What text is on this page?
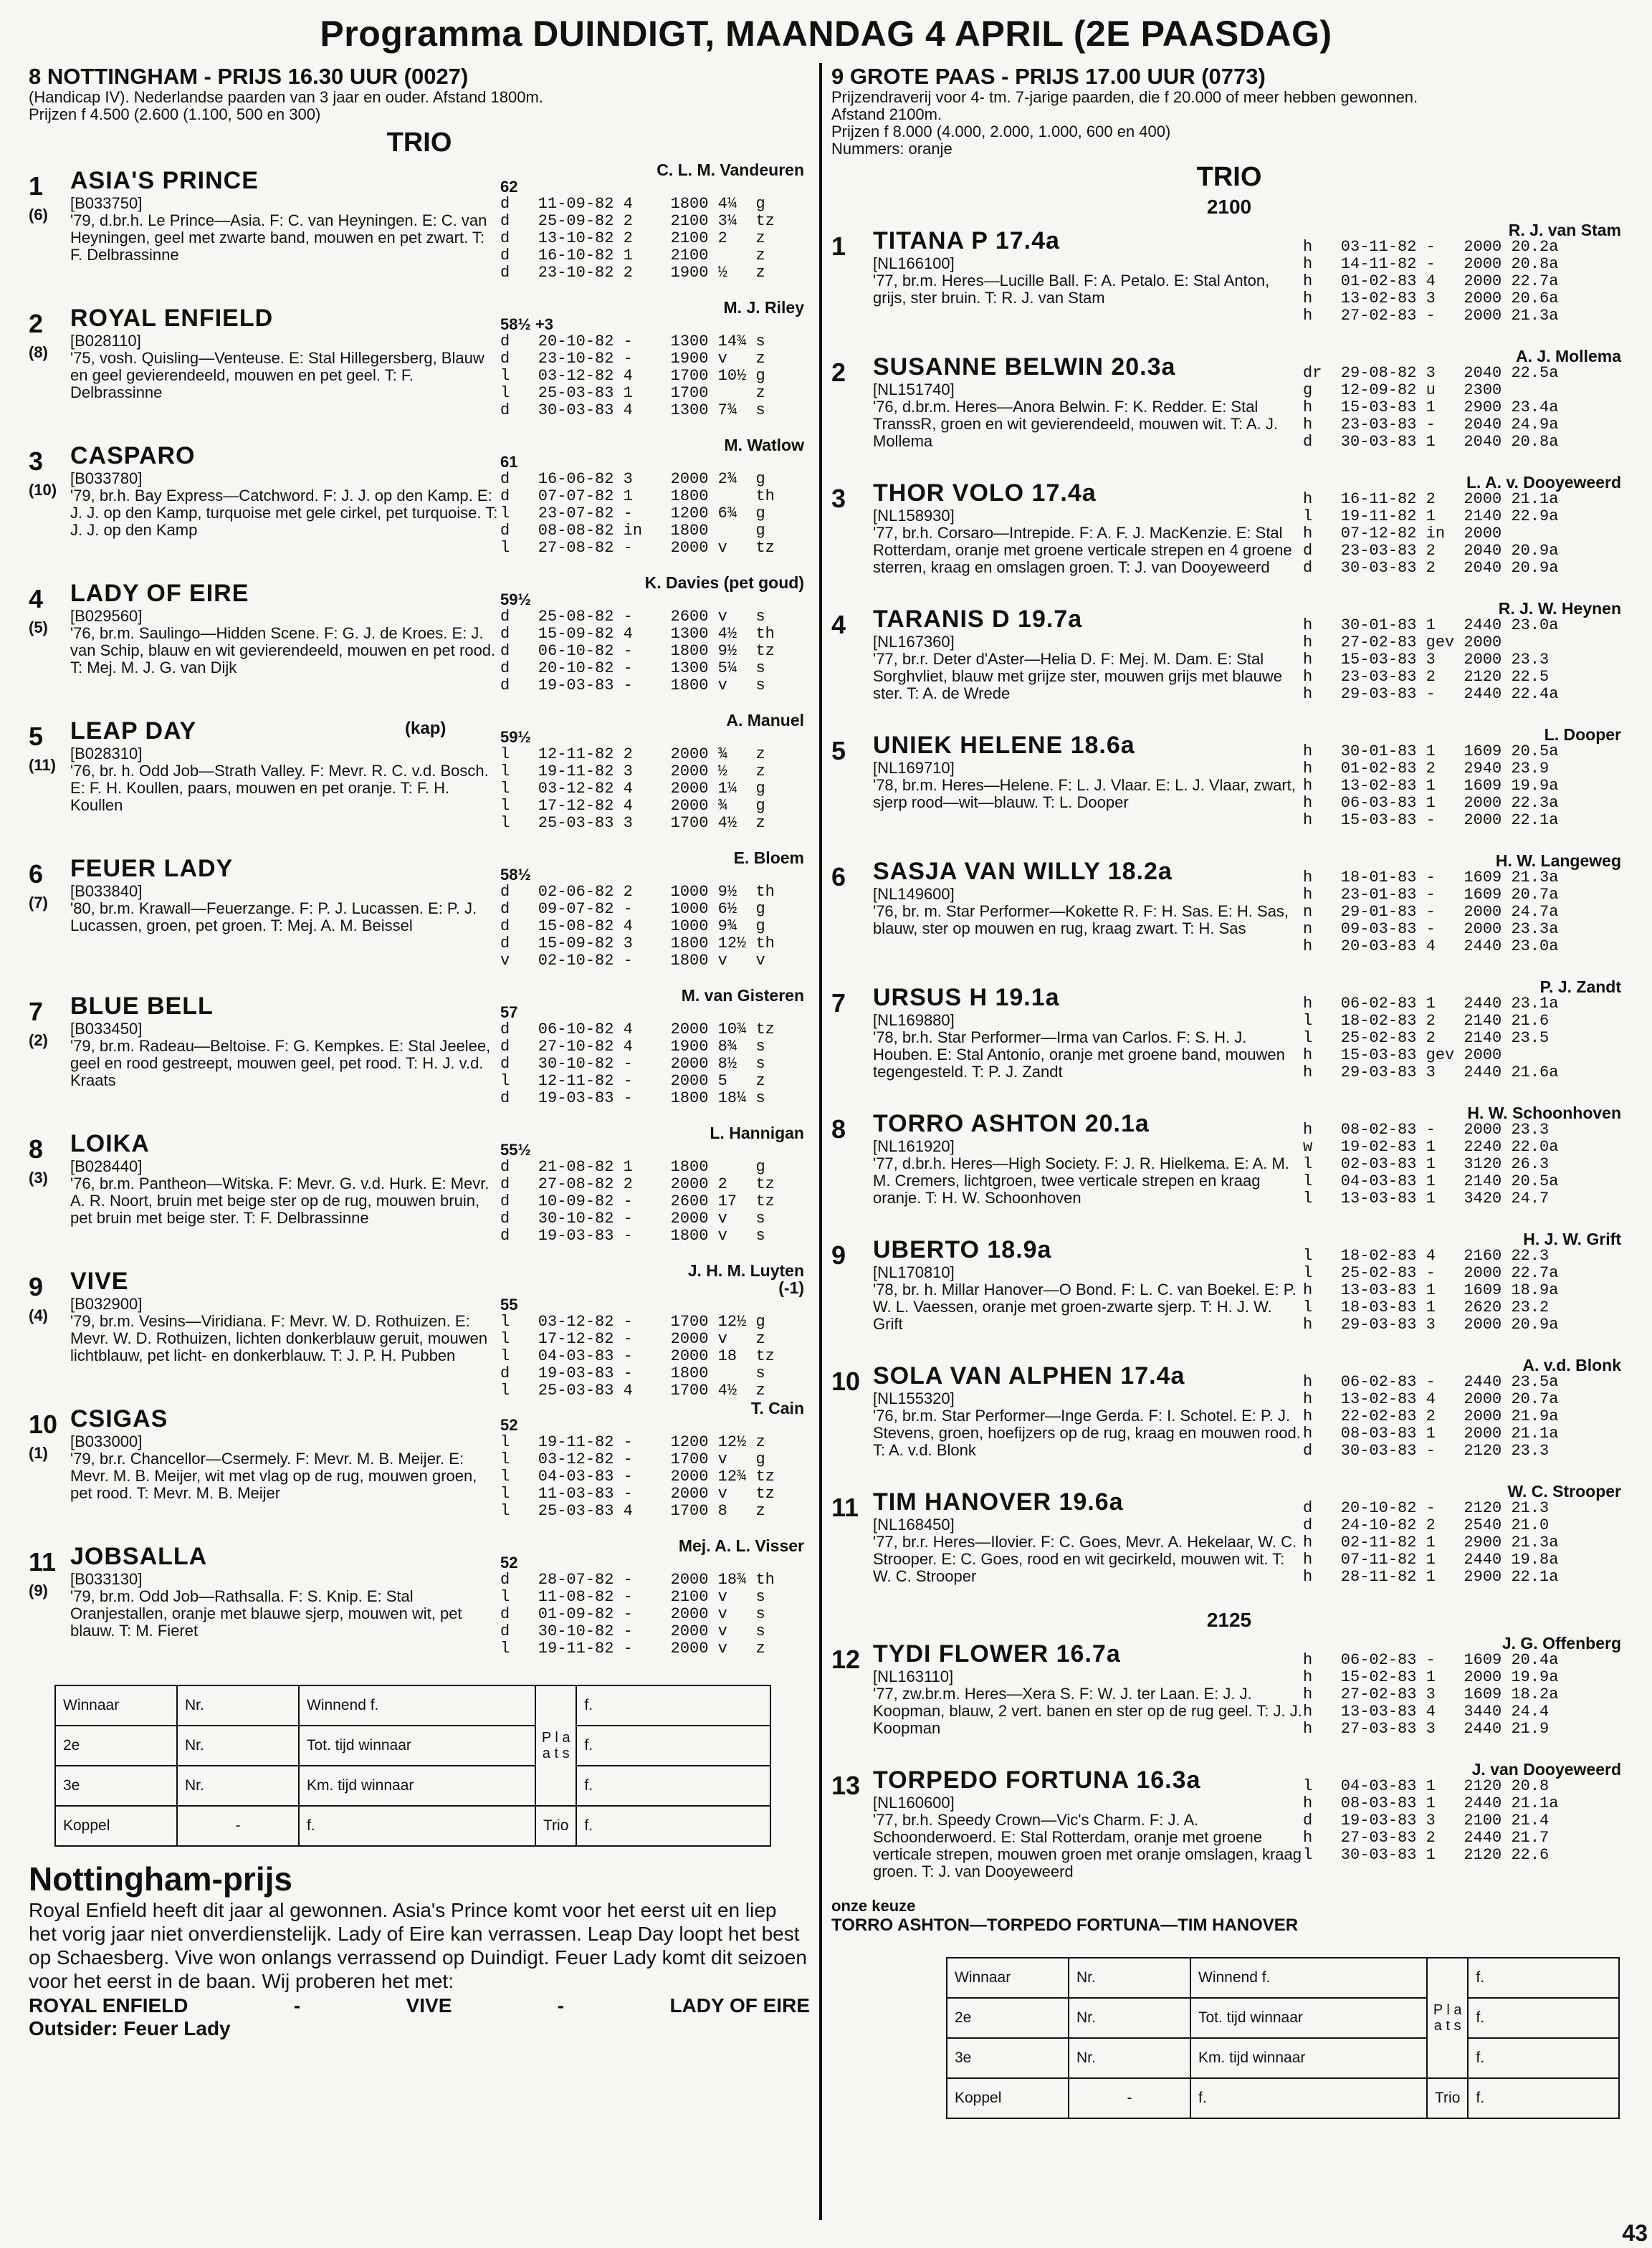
Programma DUINDIGT, MAANDAG 4 APRIL (2E PAASDAG)
8 NOTTINGHAM - PRIJS 16.30 UUR (0027)
(Handicap IV). Nederlandse paarden van 3 jaar en ouder. Afstand 1800m.
Prijzen f 4.500 (2.600 (1.100, 500 en 300)
TRIO
1
(6)
ASIA'S PRINCE
[B033750]
'79, d.br.h. Le Prince—Asia. F: C. van Heyningen. E: C. van Heyningen, geel met zwarte band, mouwen en pet zwart. T: F. Delbrassinne
C. L. M. Vandeuren
62
d   11-09-82 4    1800 4¼  g
d   25-09-82 2    2100 3¼  tz
d   13-10-82 2    2100 2   z
d   16-10-82 1    2100     z
d   23-10-82 2    1900 ½   z
2
(8)
ROYAL ENFIELD
[B028110]
'75, vosh. Quisling—Venteuse. E: Stal Hillegersberg, Blauw en geel gevierendeeld, mouwen en pet geel. T: F. Delbrassinne
M. J. Riley
58½ +3
d   20-10-82 -    1300 14¾ s
d   23-10-82 -    1900 v   z
l   03-12-82 4    1700 10½ g
l   25-03-83 1    1700     z
d   30-03-83 4    1300 7¾  s
3
(10)
CASPARO
[B033780]
'79, br.h. Bay Express—Catchword. F: J. J. op den Kamp. E: J. J. op den Kamp, turquoise met gele cirkel, pet turquoise. T: J. J. op den Kamp
M. Watlow
61
d   16-06-82 3    2000 2¾  g
d   07-07-82 1    1800     th
l   23-07-82 -    1200 6¾  g
d   08-08-82 in   1800     g
l   27-08-82 -    2000 v   tz
4
(5)
LADY OF EIRE
[B029560]
'76, br.m. Saulingo—Hidden Scene. F: G. J. de Kroes. E: J. van Schip, blauw en wit gevierendeeld, mouwen en pet rood. T: Mej. M. J. G. van Dijk
K. Davies (pet goud)
59½
d   25-08-82 -    2600 v   s
d   15-09-82 4    1300 4½  th
d   06-10-82 -    1800 9½  tz
d   20-10-82 -    1300 5¼  s
d   19-03-83 -    1800 v   s
5
(11)
LEAP DAY
[B028310]
'76, br. h. Odd Job—Strath Valley. F: Mevr. R. C. v.d. Bosch. E: F. H. Koullen, paars, mouwen en pet oranje. T: F. H. Koullen
(kap)	A. Manuel
59½
l   12-11-82 2    2000 ¾   z
l   19-11-82 3    2000 ½   z
l   03-12-82 4    2000 1¼  g
l   17-12-82 4    2000 ¾   g
l   25-03-83 3    1700 4½  z
6
(7)
FEUER LADY
[B033840]
'80, br.m. Krawall—Feuerzange. F: P. J. Lucassen. E: P. J. Lucassen, groen, pet groen. T: Mej. A. M. Beissel
E. Bloem
58½
d   02-06-82 2    1000 9½  th
d   09-07-82 -    1000 6½  g
d   15-08-82 4    1000 9¾  g
d   15-09-82 3    1800 12½ th
v   02-10-82 -    1800 v   v
7
(2)
BLUE BELL
[B033450]
'79, br.m. Radeau—Beltoise. F: G. Kempkes. E: Stal Jeelee, geel en rood gestreept, mouwen geel, pet rood. T: H. J. v.d. Kraats
M. van Gisteren
57
d   06-10-82 4    2000 10¾ tz
d   27-10-82 4    1900 8¾  s
d   30-10-82 -    2000 8½  s
l   12-11-82 -    2000 5   z
d   19-03-83 -    1800 18¼ s
8
(3)
LOIKA
[B028440]
'76, br.m. Pantheon—Witska. F: Mevr. G. v.d. Hurk. E: Mevr. A. R. Noort, bruin met beige ster op de rug, mouwen bruin, pet bruin met beige ster. T: F. Delbrassinne
L. Hannigan
55½
d   21-08-82 1    1800     g
d   27-08-82 2    2000 2   tz
d   10-09-82 -    2600 17  tz
d   30-10-82 -    2000 v   s
d   19-03-83 -    1800 v   s
9
(4)
VIVE
[B032900]
'79, br.m. Vesins—Viridiana. F: Mevr. W. D. Rothuizen. E: Mevr. W. D. Rothuizen, lichten donkerblauw geruit, mouwen lichtblauw, pet licht- en donkerblauw. T: J. P. H. Pubben
J. H. M. Luyten
(-1)
55
l   03-12-82 -    1700 12½ g
l   17-12-82 -    2000 v   z
l   04-03-83 -    2000 18  tz
d   19-03-83 -    1800     s
l   25-03-83 4    1700 4½  z
10
(1)
CSIGAS
[B033000]
'79, br.r. Chancellor—Csermely. F: Mevr. M. B. Meijer. E: Mevr. M. B. Meijer, wit met vlag op de rug, mouwen groen, pet rood. T: Mevr. M. B. Meijer
T. Cain
52
l   19-11-82 -    1200 12½ z
l   03-12-82 -    1700 v   g
l   04-03-83 -    2000 12¾ tz
l   11-03-83 -    2000 v   tz
l   25-03-83 4    1700 8   z
11
(9)
JOBSALLA
[B033130]
'79, br.m. Odd Job—Rathsalla. F: S. Knip. E: Stal Oranjestallen, oranje met blauwe sjerp, mouwen wit, pet blauw. T: M. Fieret
Mej. A. L. Visser
52
d   28-07-82 -    2000 18¾ th
l   11-08-82 -    2100 v   s
d   01-09-82 -    2000 v   s
d   30-10-82 -    2000 v   s
l   19-11-82 -    2000 v   z
Winnaar	Nr.	Winnend f.	P l a a t s	f.
2e	Nr.	Tot. tijd winnaar		f.
3e	Nr.	Km. tijd winnaar		f.
Koppel	-	f.	Trio	f.
Nottingham-prijs
Royal Enfield heeft dit jaar al gewonnen. Asia's Prince komt voor het eerst uit en liep het vorig jaar niet onverdienstelijk. Lady of Eire kan verrassen. Leap Day loopt het best op Schaesberg. Vive won onlangs verrassend op Duindigt. Feuer Lady komt dit seizoen voor het eerst in de baan. Wij proberen het met:
ROYAL ENFIELD	-	VIVE	-	LADY OF EIRE
Outsider: Feuer Lady
9 GROTE PAAS - PRIJS 17.00 UUR (0773)
Prijzendraverij voor 4- tm. 7-jarige paarden, die f 20.000 of meer hebben gewonnen.
Afstand 2100m.
Prijzen f 8.000 (4.000, 2.000, 1.000, 600 en 400)
Nummers: oranje
TRIO
2100
1	TITANA P 17.4a
[NL166100]
'77, br.m. Heres—Lucille Ball. F: A. Petalo. E: Stal Anton, grijs, ster bruin. T: R. J. van Stam
R. J. van Stam
h   03-11-82 -   2000 20.2a
h   14-11-82 -   2000 20.8a
h   01-02-83 4   2000 22.7a
h   13-02-83 3   2000 20.6a
h   27-02-83 -   2000 21.3a
2	SUSANNE BELWIN 20.3a
[NL151740]
'76, d.br.m. Heres—Anora Belwin. F: K. Redder. E: Stal TranssR, groen en wit gevierendeeld, mouwen wit. T: A. J. Mollema
A. J. Mollema
dr  29-08-82 3   2040 22.5a
g   12-09-82 u   2300
h   15-03-83 1   2900 23.4a
h   23-03-83 -   2040 24.9a
d   30-03-83 1   2040 20.8a
3	THOR VOLO 17.4a
[NL158930]
'77, br.h. Corsaro—Intrepide. F: A. F. J. MacKenzie. E: Stal Rotterdam, oranje met groene verticale strepen en 4 groene sterren, kraag en omslagen groen. T: J. van Dooyeweerd
L. A. v. Dooyeweerd
h   16-11-82 2   2000 21.1a
l   19-11-82 1   2140 22.9a
h   07-12-82 in  2000
d   23-03-83 2   2040 20.9a
d   30-03-83 2   2040 20.9a
4	TARANIS D 19.7a
[NL167360]
'77, br.r. Deter d'Aster—Helia D. F: Mej. M. Dam. E: Stal Sorghvliet, blauw met grijze ster, mouwen grijs met blauwe ster. T: A. de Wrede
R. J. W. Heynen
h   30-01-83 1   2440 23.0a
h   27-02-83 gev 2000
h   15-03-83 3   2000 23.3
h   23-03-83 2   2120 22.5
h   29-03-83 -   2440 22.4a
5	UNIEK HELENE 18.6a
[NL169710]
'78, br.m. Heres—Helene. F: L. J. Vlaar. E: L. J. Vlaar, zwart, sjerp rood—wit—blauw. T: L. Dooper
L. Dooper
h   30-01-83 1   1609 20.5a
h   01-02-83 2   2940 23.9
h   13-02-83 1   1609 19.9a
h   06-03-83 1   2000 22.3a
h   15-03-83 -   2000 22.1a
6	SASJA VAN WILLY 18.2a
[NL149600]
'76, br. m. Star Performer—Kokette R. F: H. Sas. E: H. Sas, blauw, ster op mouwen en rug, kraag zwart. T: H. Sas
H. W. Langeweg
h   18-01-83 -   1609 21.3a
h   23-01-83 -   1609 20.7a
n   29-01-83 -   2000 24.7a
n   09-03-83 -   2000 23.3a
h   20-03-83 4   2440 23.0a
7	URSUS H 19.1a
[NL169880]
'78, br.h. Star Performer—Irma van Carlos. F: S. H. J. Houben. E: Stal Antonio, oranje met groene band, mouwen tegengesteld. T: P. J. Zandt
P. J. Zandt
h   06-02-83 1   2440 23.1a
l   18-02-83 2   2140 21.6
l   25-02-83 2   2140 23.5
h   15-03-83 gev 2000
h   29-03-83 3   2440 21.6a
8	TORRO ASHTON 20.1a
[NL161920]
'77, d.br.h. Heres—High Society. F: J. R. Hielkema. E: A. M. M. Cremers, lichtgroen, twee verticale strepen en kraag oranje. T: H. W. Schoonhoven
H. W. Schoonhoven
h   08-02-83 -   2000 23.3
w   19-02-83 1   2240 22.0a
l   02-03-83 1   3120 26.3
l   04-03-83 1   2140 20.5a
l   13-03-83 1   3420 24.7
9	UBERTO 18.9a
[NL170810]
'78, br. h. Millar Hanover—O Bond. F: L. C. van Boekel. E: P. W. L. Vaessen, oranje met groen-zwarte sjerp. T: H. J. W. Grift
H. J. W. Grift
l   18-02-83 4   2160 22.3
l   25-02-83 -   2000 22.7a
h   13-03-83 1   1609 18.9a
l   18-03-83 1   2620 23.2
h   29-03-83 3   2000 20.9a
10 SOLA VAN ALPHEN 17.4a
[NL155320]
'76, br.m. Star Performer—Inge Gerda. F: I. Schotel. E: P. J. Stevens, groen, hoefijzers op de rug, kraag en mouwen rood. T: A. v.d. Blonk
A. v.d. Blonk
h   06-02-83 -   2440 23.5a
h   13-02-83 4   2000 20.7a
h   22-02-83 2   2000 21.9a
h   08-03-83 1   2000 21.1a
d   30-03-83 -   2120 23.3
11 TIM HANOVER 19.6a
[NL168450]
'77, br.r. Heres—Ilovier. F: C. Goes, Mevr. A. Hekelaar, W. C. Strooper. E: C. Goes, rood en wit gecirkeld, mouwen wit. T: W. C. Strooper
W. C. Strooper
d   20-10-82 -   2120 21.3
d   24-10-82 2   2540 21.0
h   02-11-82 1   2900 21.3a
h   07-11-82 1   2440 19.8a
h   28-11-82 1   2900 22.1a
2125
12 TYDI FLOWER 16.7a
[NL163110]
'77, zw.br.m. Heres—Xera S. F: W. J. ter Laan. E: J. J. Koopman, blauw, 2 vert. banen en ster op de rug geel. T: J. J. Koopman
J. G. Offenberg
h   06-02-83 -   1609 20.4a
h   15-02-83 1   2000 19.9a
h   27-02-83 3   1609 18.2a
h   13-03-83 4   3440 24.4
h   27-03-83 3   2440 21.9
13 TORPEDO FORTUNA 16.3a
[NL160600]
'77, br.h. Speedy Crown—Vic's Charm. F: J. A. Schoonderwoerd. E: Stal Rotterdam, oranje met groene verticale strepen, mouwen groen met oranje omslagen, kraag groen. T: J. van Dooyeweerd
J. van Dooyeweerd
l   04-03-83 1   2120 20.8
h   08-03-83 1   2440 21.1a
d   19-03-83 3   2100 21.4
h   27-03-83 2   2440 21.7
l   30-03-83 1   2120 22.6
onze keuze
TORRO ASHTON—TORPEDO FORTUNA—TIM HANOVER
Winnaar	Nr.	Winnend f.	P l a a t s	f.
2e	Nr.	Tot. tijd winnaar		f.
3e	Nr.	Km. tijd winnaar		f.
Koppel	-	f.	Trio	f.
43
